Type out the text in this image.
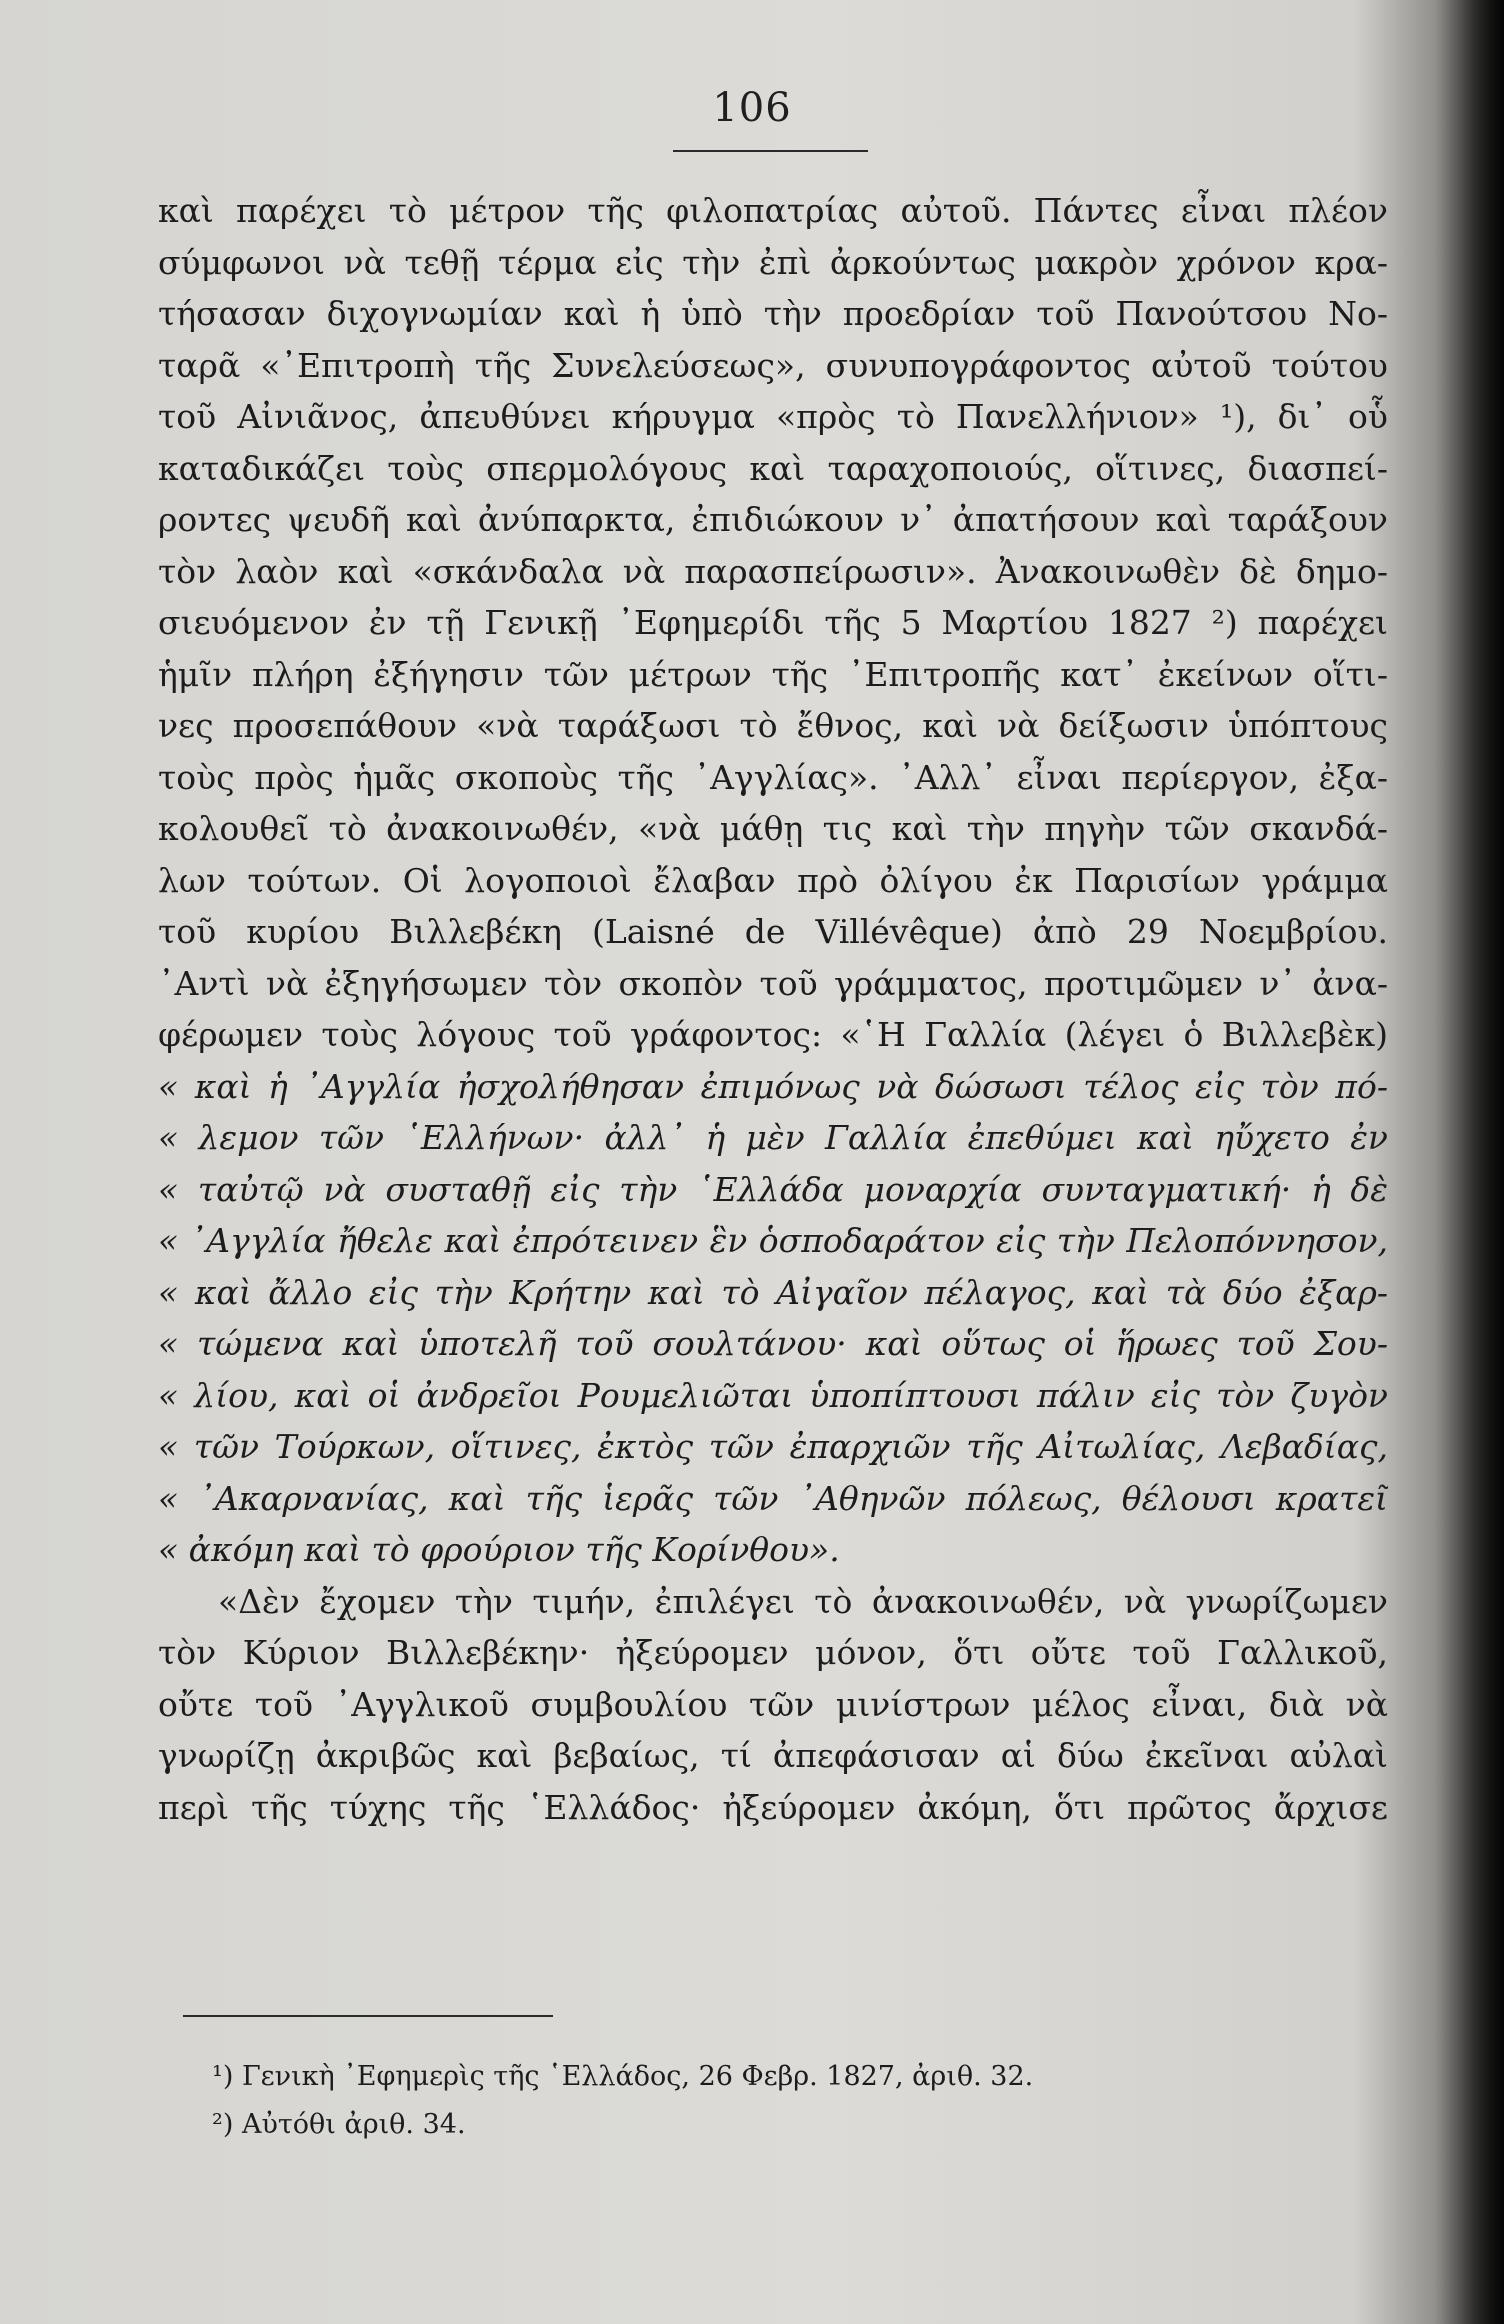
106
καὶ παρέχει τὸ μέτρον τῆς φιλοπατρίας αὐτοῦ. Πάντες εἶναι πλέον
σύμφωνοι νὰ τεθῇ τέρμα εἰς τὴν ἐπὶ ἀρκούντως μακρὸν χρόνον κρα-
τήσασαν διχογνωμίαν καὶ ἡ ὑπὸ τὴν προεδρίαν τοῦ Πανούτσου Νο-
ταρᾶ «᾿Επιτροπὴ τῆς Συνελεύσεως», συνυπογράφοντος αὐτοῦ τούτου
τοῦ Αἰνιᾶνος, ἀπευθύνει κήρυγμα «πρὸς τὸ Πανελλήνιον» ¹), δι᾿ οὗ
καταδικάζει τοὺς σπερμολόγους καὶ ταραχοποιούς, οἵτινες, διασπεί-
ροντες ψευδῆ καὶ ἀνύπαρκτα, ἐπιδιώκουν ν᾿ ἀπατήσουν καὶ ταράξουν
τὸν λαὸν καὶ «σκάνδαλα νὰ παρασπείρωσιν». Ἀνακοινωθὲν δὲ δημο-
σιευόμενον ἐν τῇ Γενικῇ ᾿Εφημερίδι τῆς 5 Μαρτίου 1827 ²) παρέχει
ἡμῖν πλήρη ἐξήγησιν τῶν μέτρων τῆς ᾿Επιτροπῆς κατ᾿ ἐκείνων οἵτι-
νες προσεπάθουν «νὰ ταράξωσι τὸ ἔθνος, καὶ νὰ δείξωσιν ὑπόπτους
τοὺς πρὸς ἡμᾶς σκοποὺς τῆς ᾿Αγγλίας». ᾿Αλλ᾿ εἶναι περίεργον, ἐξα-
κολουθεῖ τὸ ἀνακοινωθέν, «νὰ μάθῃ τις καὶ τὴν πηγὴν τῶν σκανδά-
λων τούτων. Οἱ λογοποιοὶ ἔλαβαν πρὸ ὀλίγου ἐκ Παρισίων γράμμα
τοῦ κυρίου Βιλλεβέκη (Laisné de Villévêque) ἀπὸ 29 Νοεμβρίου.
᾿Αντὶ νὰ ἐξηγήσωμεν τὸν σκοπὸν τοῦ γράμματος, προτιμῶμεν ν᾿ ἀνα-
φέρωμεν τοὺς λόγους τοῦ γράφοντος: «῾Η Γαλλία (λέγει ὁ Βιλλεβὲκ)
« καὶ ἡ ᾿Αγγλία ἠσχολήθησαν ἐπιμόνως νὰ δώσωσι τέλος εἰς τὸν πό-
« λεμον τῶν ῾Ελλήνων· ἀλλ᾿ ἡ μὲν Γαλλία ἐπεθύμει καὶ ηὔχετο ἐν
« ταὐτῷ νὰ συσταθῇ εἰς τὴν ῾Ελλάδα μοναρχία συνταγματική· ἡ δὲ
« ᾿Αγγλία ἤθελε καὶ ἐπρότεινεν ἓν ὁσποδαράτον εἰς τὴν Πελοπόννησον,
« καὶ ἄλλο εἰς τὴν Κρήτην καὶ τὸ Αἰγαῖον πέλαγος, καὶ τὰ δύο ἐξαρ-
« τώμενα καὶ ὑποτελῆ τοῦ σουλτάνου· καὶ οὕτως οἱ ἥρωες τοῦ Σου-
« λίου, καὶ οἱ ἀνδρεῖοι Ρουμελιῶται ὑποπίπτουσι πάλιν εἰς τὸν ζυγὸν
« τῶν Τούρκων, οἵτινες, ἐκτὸς τῶν ἐπαρχιῶν τῆς Αἰτωλίας, Λεβαδίας,
« ᾿Ακαρνανίας, καὶ τῆς ἱερᾶς τῶν ᾿Αθηνῶν πόλεως, θέλουσι κρατεῖ
« ἀκόμη καὶ τὸ φρούριον τῆς Κορίνθου».
«Δὲν ἔχομεν τὴν τιμήν, ἐπιλέγει τὸ ἀνακοινωθέν, νὰ γνωρίζωμεν
τὸν Κύριον Βιλλεβέκην· ἠξεύρομεν μόνον, ὅτι οὔτε τοῦ Γαλλικοῦ,
οὔτε τοῦ ᾿Αγγλικοῦ συμβουλίου τῶν μινίστρων μέλος εἶναι, διὰ νὰ
γνωρίζῃ ἀκριβῶς καὶ βεβαίως, τί ἀπεφάσισαν αἱ δύω ἐκεῖναι αὐλαὶ
περὶ τῆς τύχης τῆς ῾Ελλάδος· ἠξεύρομεν ἀκόμη, ὅτι πρῶτος ἄρχισε
¹) Γενικὴ ᾿Εφημερὶς τῆς ῾Ελλάδος, 26 Φεβρ. 1827, ἀριθ. 32.
²) Αὐτόθι ἀριθ. 34.
